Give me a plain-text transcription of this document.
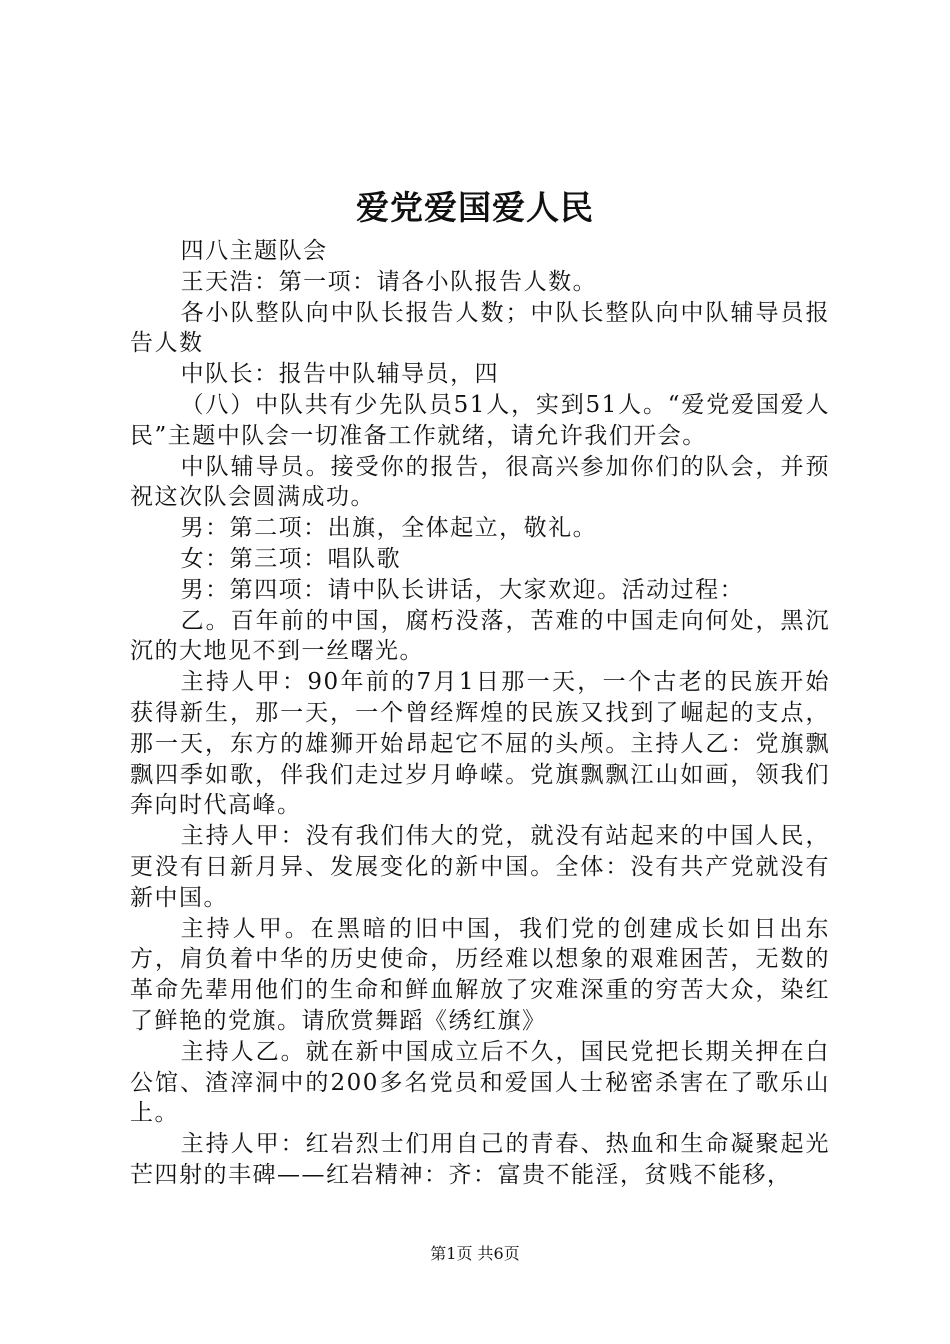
爱党爱国爱人民

四八主题队会

王天浩：第一项：请各小队报告人数。

各小队整队向中队长报告人数；中队长整队向中队辅导员报告人数

中队长：报告中队辅导员，四

（八）中队共有少先队员51人，实到51人。“爱党爱国爱人民”主题中队会一切准备工作就绪，请允许我们开会。

中队辅导员。接受你的报告，很高兴参加你们的队会，并预祝这次队会圆满成功。

男：第二项：出旗，全体起立，敬礼。

女：第三项：唱队歌

男：第四项：请中队长讲话，大家欢迎。活动过程：

乙。百年前的中国，腐朽没落，苦难的中国走向何处，黑沉沉的大地见不到一丝曙光。

主持人甲：90年前的7月1日那一天，一个古老的民族开始获得新生，那一天，一个曾经辉煌的民族又找到了崛起的支点，那一天，东方的雄狮开始昂起它不屈的头颅。主持人乙：党旗飘飘四季如歌，伴我们走过岁月峥嵘。党旗飘飘江山如画，领我们奔向时代高峰。

主持人甲：没有我们伟大的党，就没有站起来的中国人民，更没有日新月异、发展变化的新中国。全体：没有共产党就没有新中国。

主持人甲。在黑暗的旧中国，我们党的创建成长如日出东方，肩负着中华的历史使命，历经难以想象的艰难困苦，无数的革命先辈用他们的生命和鲜血解放了灾难深重的穷苦大众，染红了鲜艳的党旗。请欣赏舞蹈《绣红旗》

主持人乙。就在新中国成立后不久，国民党把长期关押在白公馆、渣滓洞中的200多名党员和爱国人士秘密杀害在了歌乐山上。

主持人甲：红岩烈士们用自己的青春、热血和生命凝聚起光芒四射的丰碑——红岩精神：齐：富贵不能淫，贫贱不能移，

第1页 共6页
